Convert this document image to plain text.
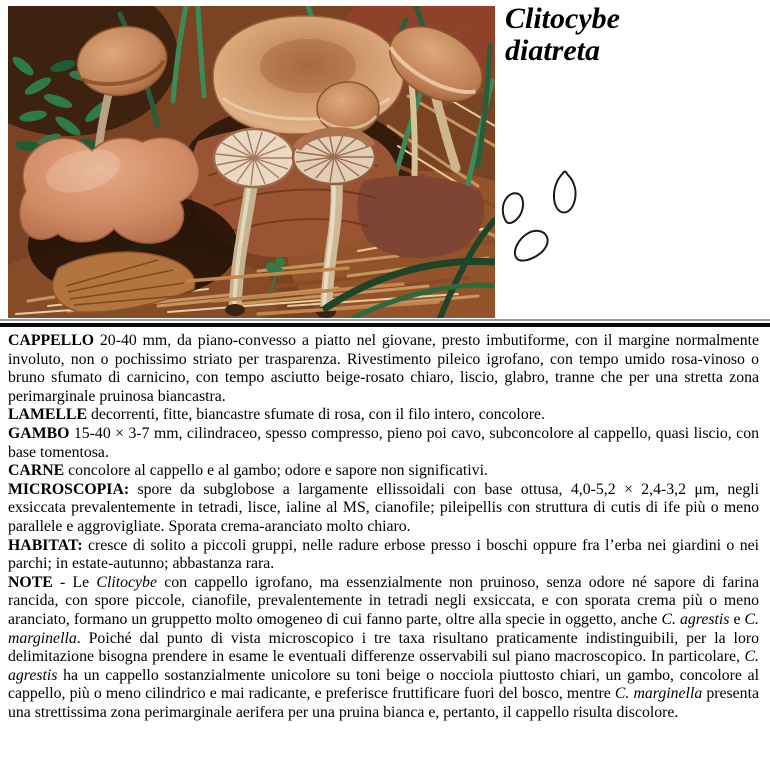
Clitocybe
diatreta

CAPPELLO 20-40 mm, da piano-convesso a piatto nel giovane, presto imbutiforme, con il margine normalmente involuto, non o pochissimo striato per trasparenza. Rivestimento pileico igrofano, con tempo umido rosa-vinoso o bruno sfumato di carnicino, con tempo asciutto beige-rosato chiaro, liscio, glabro, tranne che per una stretta zona perimarginale pruinosa biancastra.

LAMELLE decorrenti, fitte, biancastre sfumate di rosa, con il filo intero, concolore.

GAMBO 15-40 × 3-7 mm, cilindraceo, spesso compresso, pieno poi cavo, subconcolore al cappello, quasi liscio, con base tomentosa.

CARNE concolore al cappello e al gambo; odore e sapore non significativi.

MICROSCOPIA: spore da subglobose a largamente ellissoidali con base ottusa, 4,0-5,2 × 2,4-3,2 μm, negli exsiccata prevalentemente in tetradi, lisce, ialine al MS, cianofile; pileipellis con struttura di cutis di ife più o meno parallele e aggrovigliate. Sporata crema-aranciato molto chiaro.

HABITAT: cresce di solito a piccoli gruppi, nelle radure erbose presso i boschi oppure fra l’erba nei giardini o nei parchi; in estate-autunno; abbastanza rara.

NOTE - Le Clitocybe con cappello igrofano, ma essenzialmente non pruinoso, senza odore né sapore di farina rancida, con spore piccole, cianofile, prevalentemente in tetradi negli exsiccata, e con sporata crema più o meno aranciato, formano un gruppetto molto omogeneo di cui fanno parte, oltre alla specie in oggetto, anche C. agrestis e C. marginella. Poiché dal punto di vista microscopico i tre taxa risultano praticamente indistinguibili, per la loro delimitazione bisogna prendere in esame le eventuali differenze osservabili sul piano macroscopico. In particolare, C. agrestis ha un cappello sostanzialmente unicolore su toni beige o nocciola piuttosto chiari, un gambo, concolore al cappello, più o meno cilindrico e mai radicante, e preferisce fruttificare fuori del bosco, mentre C. marginella presenta una strettissima zona perimarginale aerifera per una pruina bianca e, pertanto, il cappello risulta discolore.
